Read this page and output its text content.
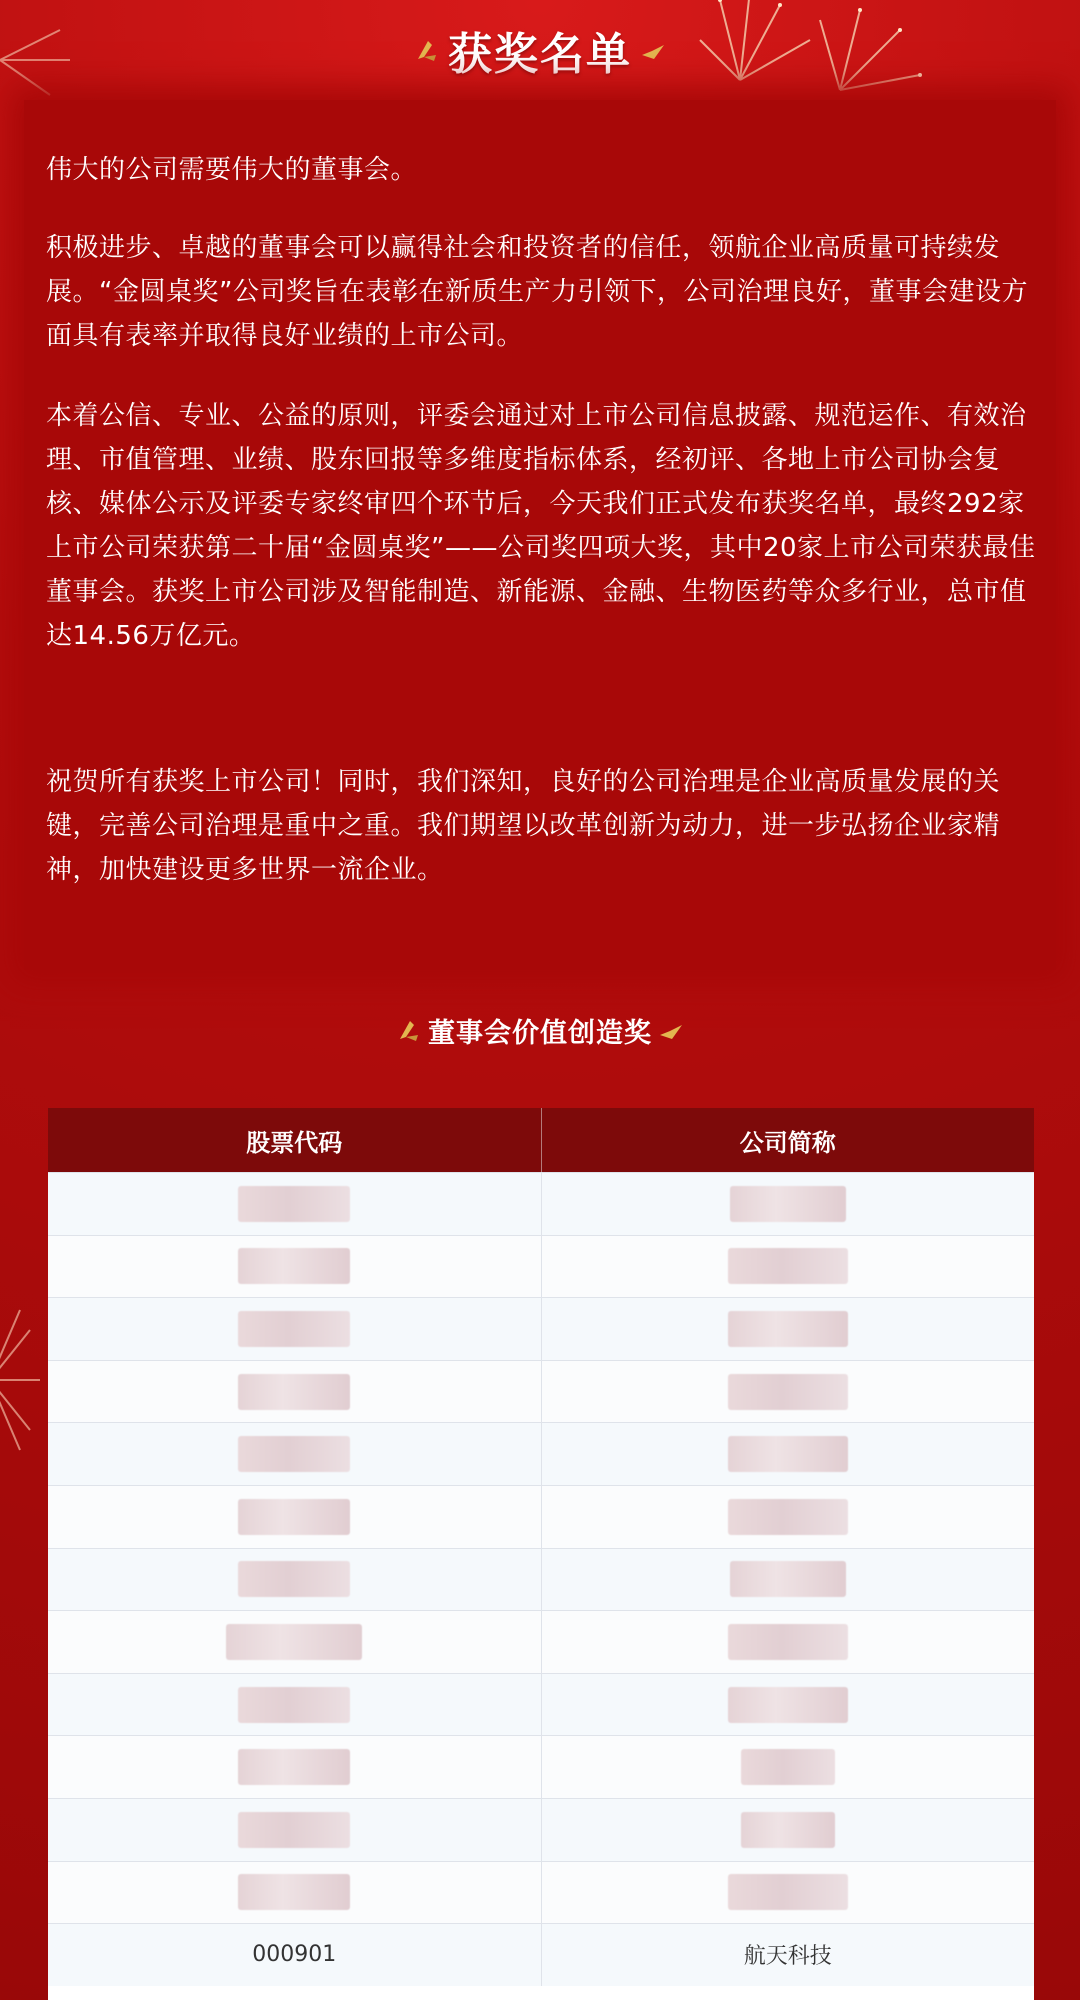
获奖名单

伟大的公司需要伟大的董事会。

积极进步、卓越的董事会可以赢得社会和投资者的信任，领航企业高质量可持续发展。“金圆桌奖”公司奖旨在表彰在新质生产力引领下，公司治理良好，董事会建设方面具有表率并取得良好业绩的上市公司。

本着公信、专业、公益的原则，评委会通过对上市公司信息披露、规范运作、有效治理、市值管理、业绩、股东回报等多维度指标体系，经初评、各地上市公司协会复核、媒体公示及评委专家终审四个环节后，今天我们正式发布获奖名单，最终292家上市公司荣获第二十届“金圆桌奖”——公司奖四项大奖，其中20家上市公司荣获最佳董事会。获奖上市公司涉及智能制造、新能源、金融、生物医药等众多行业，总市值达14.56万亿元。

祝贺所有获奖上市公司！同时，我们深知，良好的公司治理是企业高质量发展的关键，完善公司治理是重中之重。我们期望以改革创新为动力，进一步弘扬企业家精神，加快建设更多世界一流企业。

董事会价值创造奖
股票代码	公司简称
000901	航天科技
